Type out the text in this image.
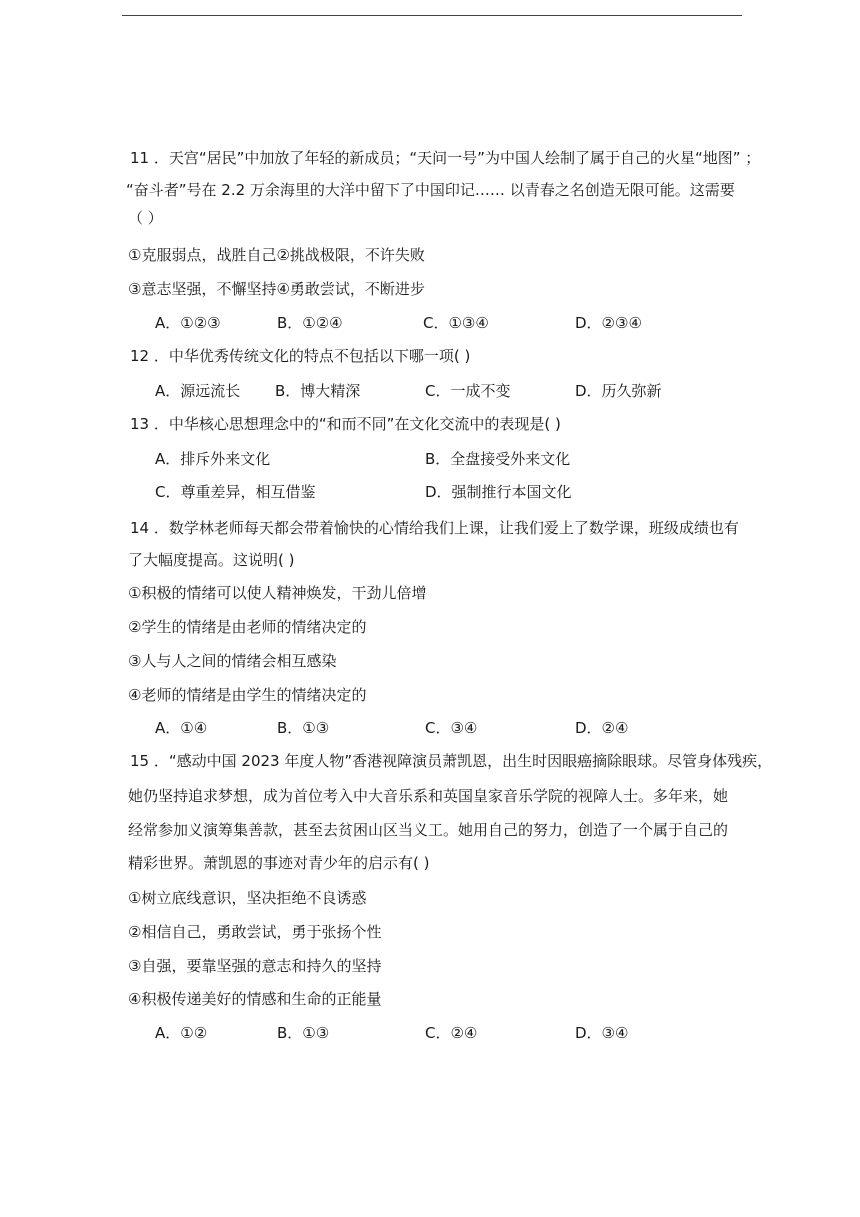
11 ．天宫“居民”中加放了年轻的新成员；“天问一号”为中国人绘制了属于自己的火星“地图” ；
“奋斗者”号在 2.2 万余海里的大洋中留下了中国印记…… 以青春之名创造无限可能。这需要
（ ）
①克服弱点，战胜自己②挑战极限，不许失败
③意志坚强，不懈坚持④勇敢尝试，不断进步
A．①②③	B．①②④	C．①③④	D．②③④
12 ．中华优秀传统文化的特点不包括以下哪一项( )
A．源远流长 B．博大精深	C．一成不变	D．历久弥新
13 ．中华核心思想理念中的“和而不同”在文化交流中的表现是( )
A．排斥外来文化	B．全盘接受外来文化
C．尊重差异，相互借鉴	D．强制推行本国文化
14 ．数学林老师每天都会带着愉快的心情给我们上课，让我们爱上了数学课，班级成绩也有
了大幅度提高。这说明( )
①积极的情绪可以使人精神焕发，干劲儿倍增
②学生的情绪是由老师的情绪决定的
③人与人之间的情绪会相互感染
④老师的情绪是由学生的情绪决定的
A．①④	B．①③	C．③④	D．②④
15 ．“感动中国 2023 年度人物”香港视障演员萧凯恩，出生时因眼癌摘除眼球。尽管身体残疾，
她仍坚持追求梦想，成为首位考入中大音乐系和英国皇家音乐学院的视障人士。多年来，她
经常参加义演筹集善款，甚至去贫困山区当义工。她用自己的努力，创造了一个属于自己的
精彩世界。萧凯恩的事迹对青少年的启示有( )
①树立底线意识，坚决拒绝不良诱惑
②相信自己，勇敢尝试，勇于张扬个性
③自强，要靠坚强的意志和持久的坚持
④积极传递美好的情感和生命的正能量
A．①②	B．①③	C．②④	D．③④
